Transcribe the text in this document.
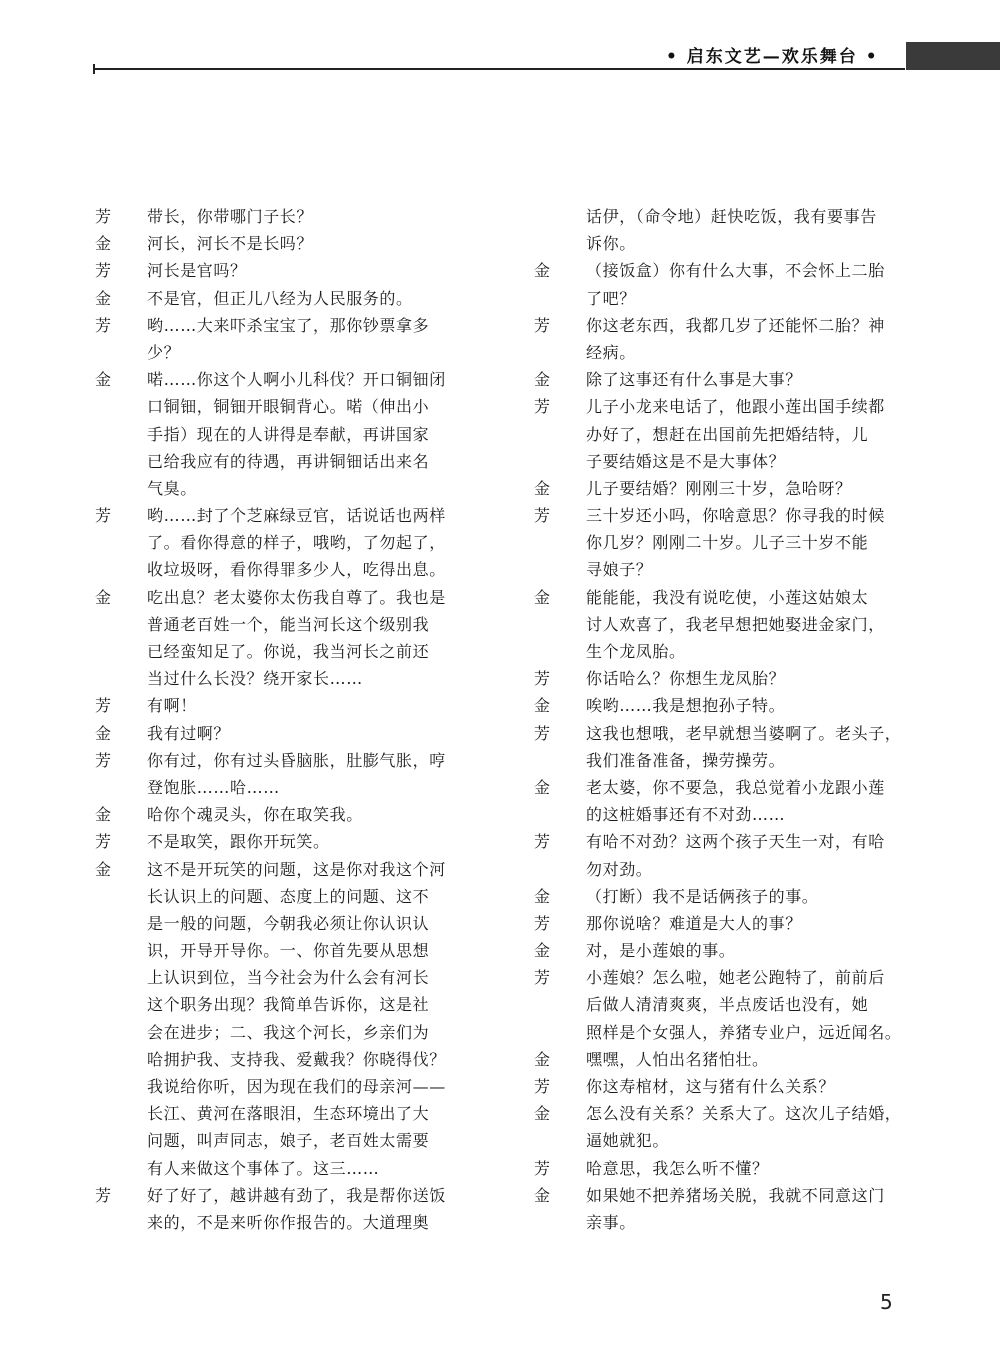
• 启东文艺—欢乐舞台 •
芳	带长，你带哪门子长？
金	河长，河长不是长吗？
芳	河长是官吗？
金	不是官，但正儿八经为人民服务的。
芳	哟……大来吓杀宝宝了，那你钞票拿多
少？
金	喏……你这个人啊小儿科伐？开口铜钿闭
口铜钿，铜钿开眼铜背心。喏（伸出小
手指）现在的人讲得是奉献，再讲国家
已给我应有的待遇，再讲铜钿话出来名
气臭。
芳	哟……封了个芝麻绿豆官，话说话也两样
了。看你得意的样子，哦哟，了勿起了，
收垃圾呀，看你得罪多少人，吃得出息。
金	吃出息？老太婆你太伤我自尊了。我也是
普通老百姓一个，能当河长这个级别我
已经蛮知足了。你说，我当河长之前还
当过什么长没？绕开家长……
芳	有啊！
金	我有过啊？
芳	你有过，你有过头昏脑胀，肚膨气胀，哼
登饱胀……哈……
金	哈你个魂灵头，你在取笑我。
芳	不是取笑，跟你开玩笑。
金	这不是开玩笑的问题，这是你对我这个河
长认识上的问题、态度上的问题、这不
是一般的问题，今朝我必须让你认识认
识，开导开导你。一、你首先要从思想
上认识到位，当今社会为什么会有河长
这个职务出现？我简单告诉你，这是社
会在进步；二、我这个河长，乡亲们为
哈拥护我、支持我、爱戴我？你晓得伐？
我说给你听，因为现在我们的母亲河——
长江、黄河在落眼泪，生态环境出了大
问题，叫声同志，娘子，老百姓太需要
有人来做这个事体了。这三……
芳	好了好了，越讲越有劲了，我是帮你送饭
来的，不是来听你作报告的。大道理奥
话伊，（命令地）赶快吃饭，我有要事告
诉你。
金	（接饭盒）你有什么大事，不会怀上二胎
了吧？
芳	你这老东西，我都几岁了还能怀二胎？神
经病。
金	除了这事还有什么事是大事？
芳	儿子小龙来电话了，他跟小莲出国手续都
办好了，想赶在出国前先把婚结特，儿
子要结婚这是不是大事体？
金	儿子要结婚？刚刚三十岁，急哈呀？
芳	三十岁还小吗，你啥意思？你寻我的时候
你几岁？刚刚二十岁。儿子三十岁不能
寻娘子？
金	能能能，我没有说吃使，小莲这姑娘太
讨人欢喜了，我老早想把她娶进金家门，
生个龙凤胎。
芳	你话哈么？你想生龙凤胎？
金	唉哟……我是想抱孙子特。
芳	这我也想哦，老早就想当婆啊了。老头子，
我们准备准备，操劳操劳。
金	老太婆，你不要急，我总觉着小龙跟小莲
的这桩婚事还有不对劲……
芳	有哈不对劲？这两个孩子天生一对，有哈
勿对劲。
金	（打断）我不是话俩孩子的事。
芳	那你说啥？难道是大人的事？
金	对，是小莲娘的事。
芳	小莲娘？怎么啦，她老公跑特了，前前后
后做人清清爽爽，半点废话也没有，她
照样是个女强人，养猪专业户，远近闻名。
金	嘿嘿，人怕出名猪怕壮。
芳	你这寿棺材，这与猪有什么关系？
金	怎么没有关系？关系大了。这次儿子结婚，
逼她就犯。
芳	哈意思，我怎么听不懂？
金	如果她不把养猪场关脱，我就不同意这门
亲事。
5
